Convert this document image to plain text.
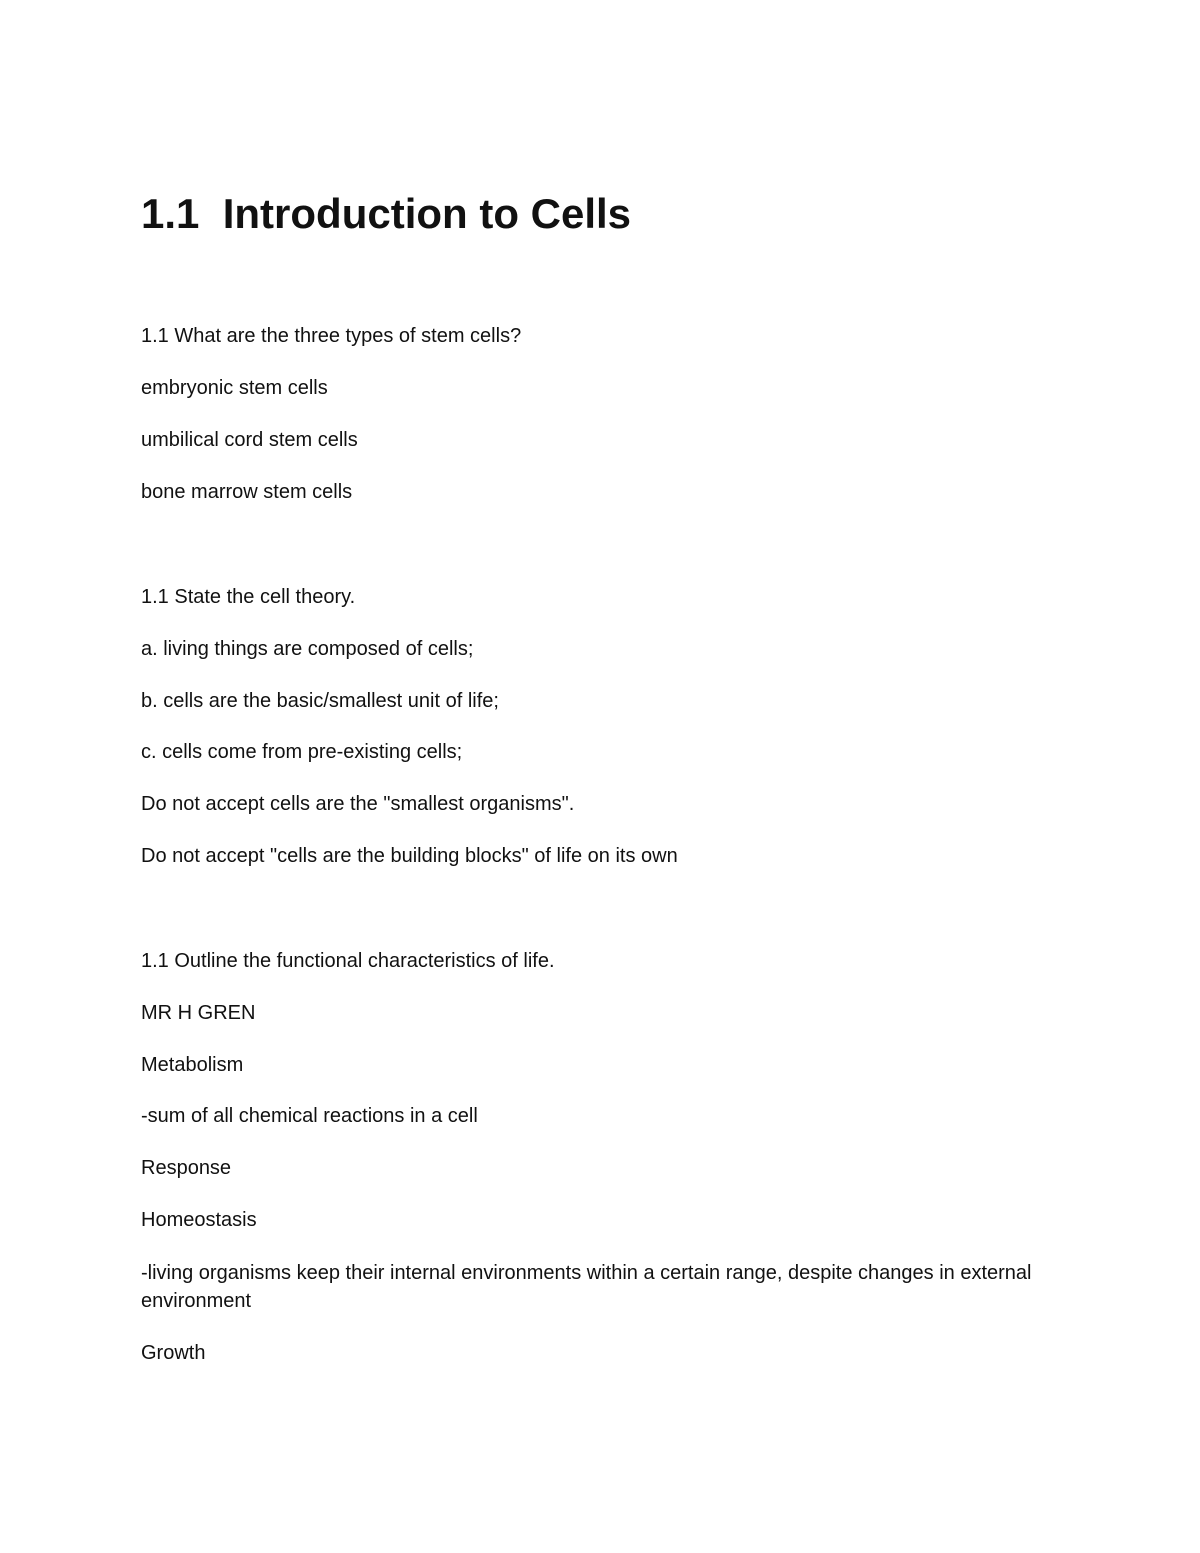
1.1  Introduction to Cells

1.1 What are the three types of stem cells?

embryonic stem cells

umbilical cord stem cells

bone marrow stem cells

1.1 State the cell theory.

a. living things are composed of cells;

b. cells are the basic/smallest unit of life;

c. cells come from pre-existing cells;

Do not accept cells are the "smallest organisms".

Do not accept "cells are the building blocks" of life on its own

1.1 Outline the functional characteristics of life.

MR H GREN

Metabolism

-sum of all chemical reactions in a cell

Response

Homeostasis

-living organisms keep their internal environments within a certain range, despite changes in external environment

Growth
